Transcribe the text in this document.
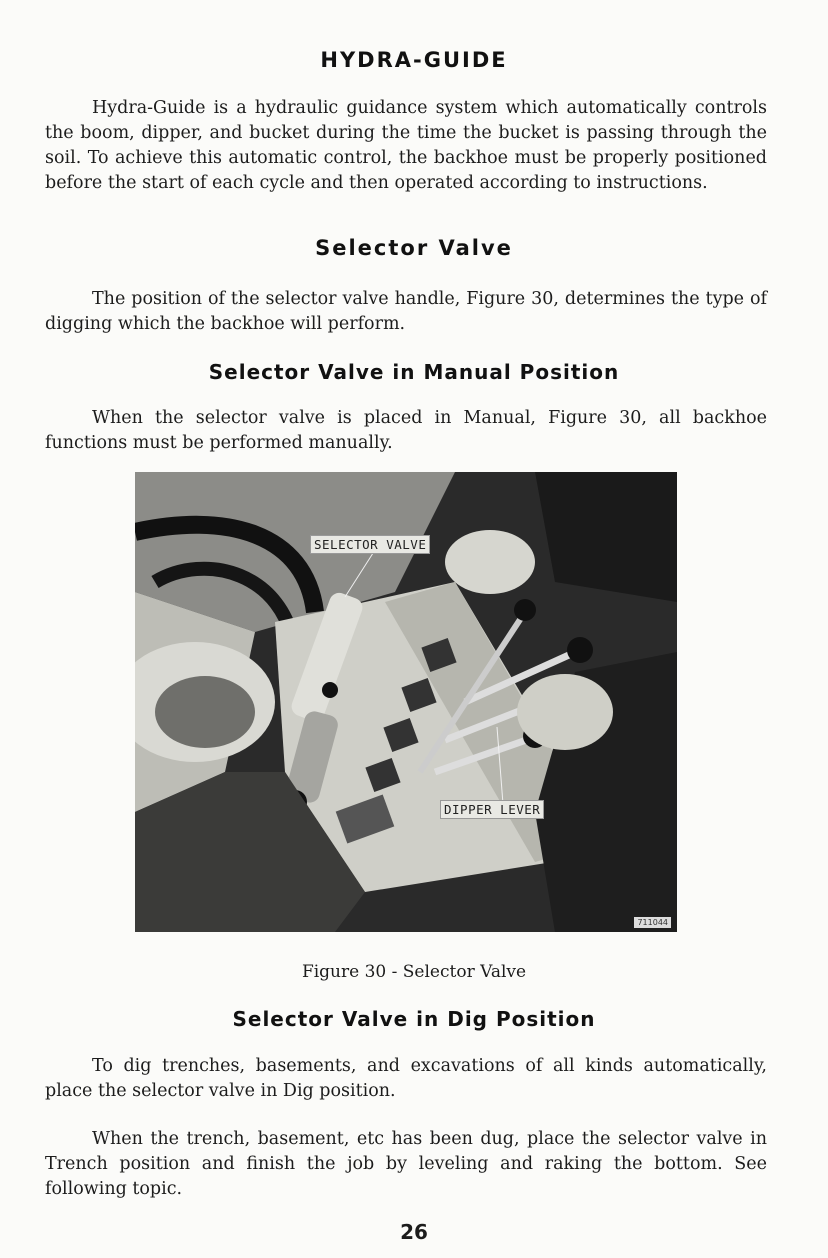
HYDRA-GUIDE

Hydra-Guide is a hydraulic guidance system which automatically controls the boom, dipper, and bucket during the time the bucket is passing through the soil. To achieve this automatic control, the backhoe must be properly positioned before the start of each cycle and then operated according to instructions.

Selector Valve

The position of the selector valve handle, Figure 30, determines the type of digging which the backhoe will perform.

Selector Valve in Manual Position

When the selector valve is placed in Manual, Figure 30, all backhoe functions must be performed manually.

SELECTOR VALVE
DIPPER LEVER
711044
Figure 30 - Selector Valve
Selector Valve in Dig Position

To dig trenches, basements, and excavations of all kinds automatically, place the selector valve in Dig position.

When the trench, basement, etc has been dug, place the selector valve in Trench position and finish the job by leveling and raking the bottom. See following topic.

26
